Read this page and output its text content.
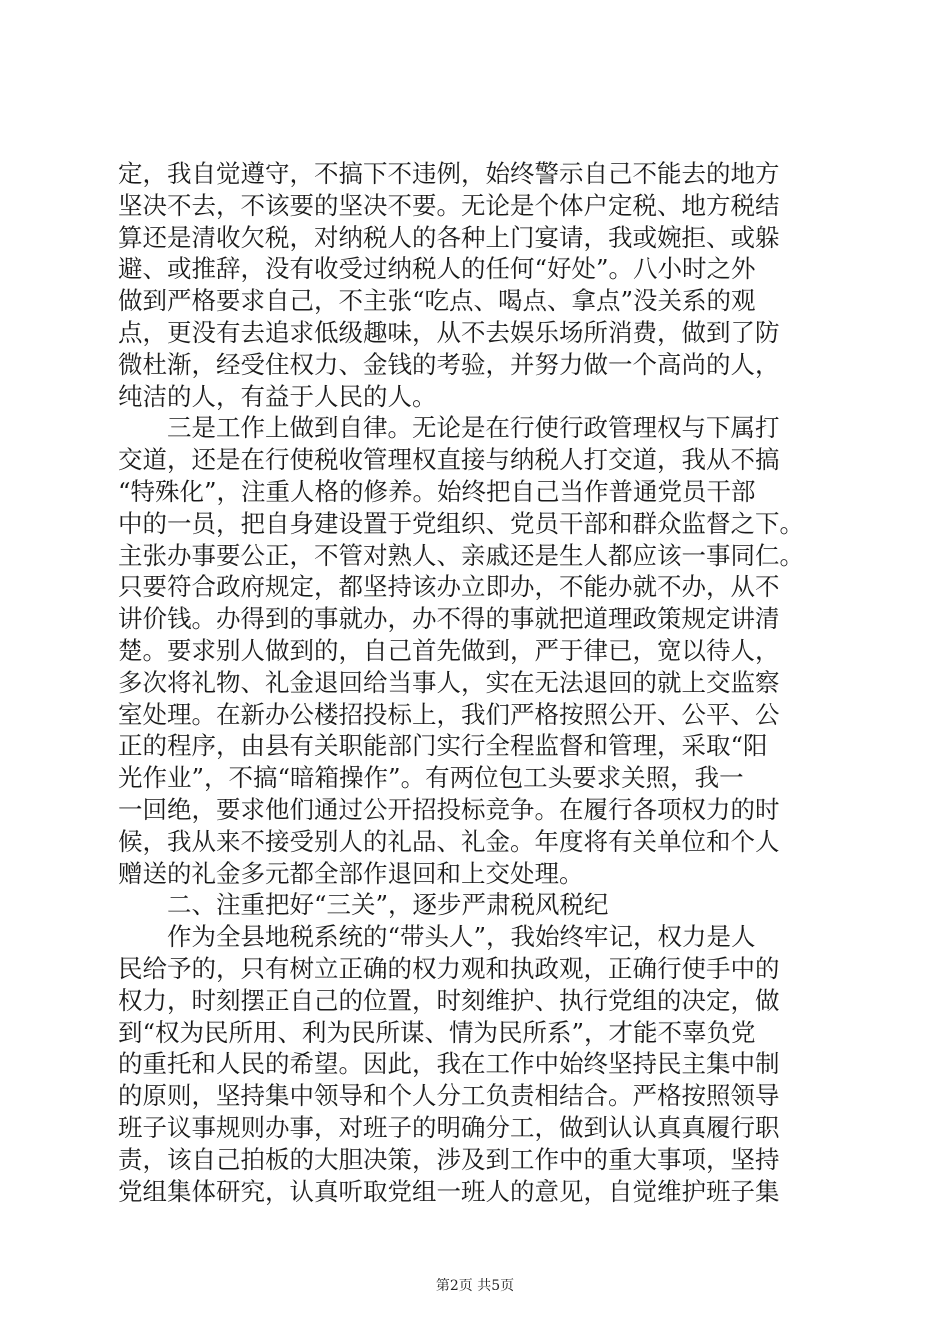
定，我自觉遵守，不搞下不违例，始终警示自己不能去的地方
坚决不去，不该要的坚决不要。无论是个体户定税、地方税结
算还是清收欠税，对纳税人的各种上门宴请，我或婉拒、或躲
避、或推辞，没有收受过纳税人的任何“好处”。八小时之外
做到严格要求自己，不主张“吃点、喝点、拿点”没关系的观
点，更没有去追求低级趣味，从不去娱乐场所消费，做到了防
微杜渐，经受住权力、金钱的考验，并努力做一个高尚的人，
纯洁的人，有益于人民的人。
　　三是工作上做到自律。无论是在行使行政管理权与下属打
交道，还是在行使税收管理权直接与纳税人打交道，我从不搞
“特殊化”，注重人格的修养。始终把自己当作普通党员干部
中的一员，把自身建设置于党组织、党员干部和群众监督之下。
主张办事要公正，不管对熟人、亲戚还是生人都应该一事同仁。
只要符合政府规定，都坚持该办立即办，不能办就不办，从不
讲价钱。办得到的事就办，办不得的事就把道理政策规定讲清
楚。要求别人做到的，自己首先做到，严于律已，宽以待人，
多次将礼物、礼金退回给当事人，实在无法退回的就上交监察
室处理。在新办公楼招投标上，我们严格按照公开、公平、公
正的程序，由县有关职能部门实行全程监督和管理，采取“阳
光作业”，不搞“暗箱操作”。有两位包工头要求关照，我一
一回绝，要求他们通过公开招投标竞争。在履行各项权力的时
候，我从来不接受别人的礼品、礼金。年度将有关单位和个人
赠送的礼金多元都全部作退回和上交处理。
　　二、注重把好“三关”，逐步严肃税风税纪
　　作为全县地税系统的“带头人”，我始终牢记，权力是人
民给予的，只有树立正确的权力观和执政观，正确行使手中的
权力，时刻摆正自己的位置，时刻维护、执行党组的决定，做
到“权为民所用、利为民所谋、情为民所系”，才能不辜负党
的重托和人民的希望。因此，我在工作中始终坚持民主集中制
的原则，坚持集中领导和个人分工负责相结合。严格按照领导
班子议事规则办事，对班子的明确分工，做到认认真真履行职
责，该自己拍板的大胆决策，涉及到工作中的重大事项，坚持
党组集体研究，认真听取党组一班人的意见，自觉维护班子集
第2页 共5页
